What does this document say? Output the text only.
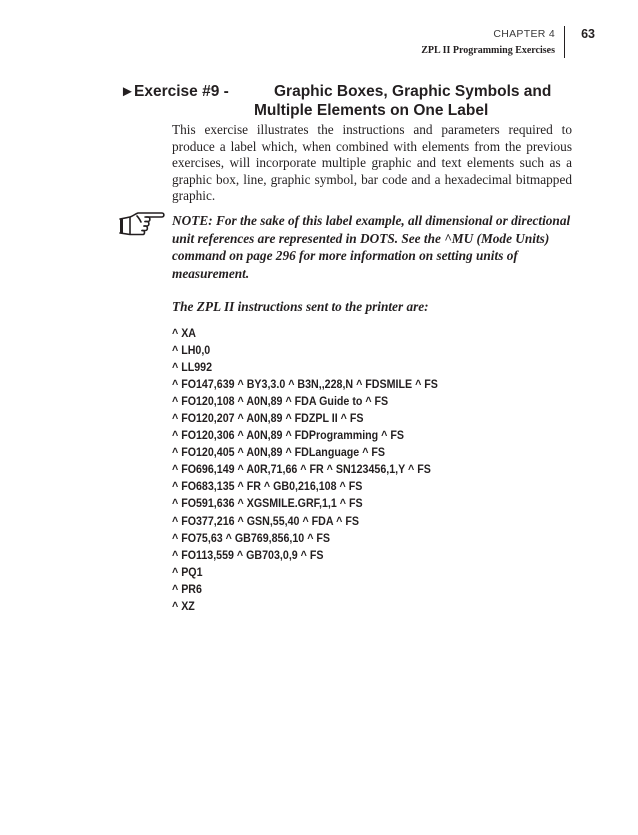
CHAPTER 4
ZPL II Programming Exercises
63
► Exercise #9 -	Graphic Boxes, Graphic Symbols and
Multiple Elements on One Label
This exercise illustrates the instructions and parameters required to produce a label which, when combined with elements from the previous exercises, will incorporate multiple graphic and text elements such as a graphic box, line, graphic symbol, bar code and a hexadecimal bitmapped graphic.
NOTE: For the sake of this label example, all dimensional or directional unit references are represented in DOTS. See the ^MU (Mode Units) command on page 296 for more information on setting units of measurement.
The ZPL II instructions sent to the printer are:
^ XA
^ LH0,0
^ LL992
^ FO147,639 ^ BY3,3.0 ^ B3N,,228,N ^ FDSMILE ^ FS
^ FO120,108 ^ A0N,89 ^ FDA Guide to ^ FS
^ FO120,207 ^ A0N,89 ^ FDZPL II ^ FS
^ FO120,306 ^ A0N,89 ^ FDProgramming ^ FS
^ FO120,405 ^ A0N,89 ^ FDLanguage ^ FS
^ FO696,149 ^ A0R,71,66 ^ FR ^ SN123456,1,Y ^ FS
^ FO683,135 ^ FR ^ GB0,216,108 ^ FS
^ FO591,636 ^ XGSMILE.GRF,1,1 ^ FS
^ FO377,216 ^ GSN,55,40 ^ FDA ^ FS
^ FO75,63 ^ GB769,856,10 ^ FS
^ FO113,559 ^ GB703,0,9 ^ FS
^ PQ1
^ PR6
^ XZ
